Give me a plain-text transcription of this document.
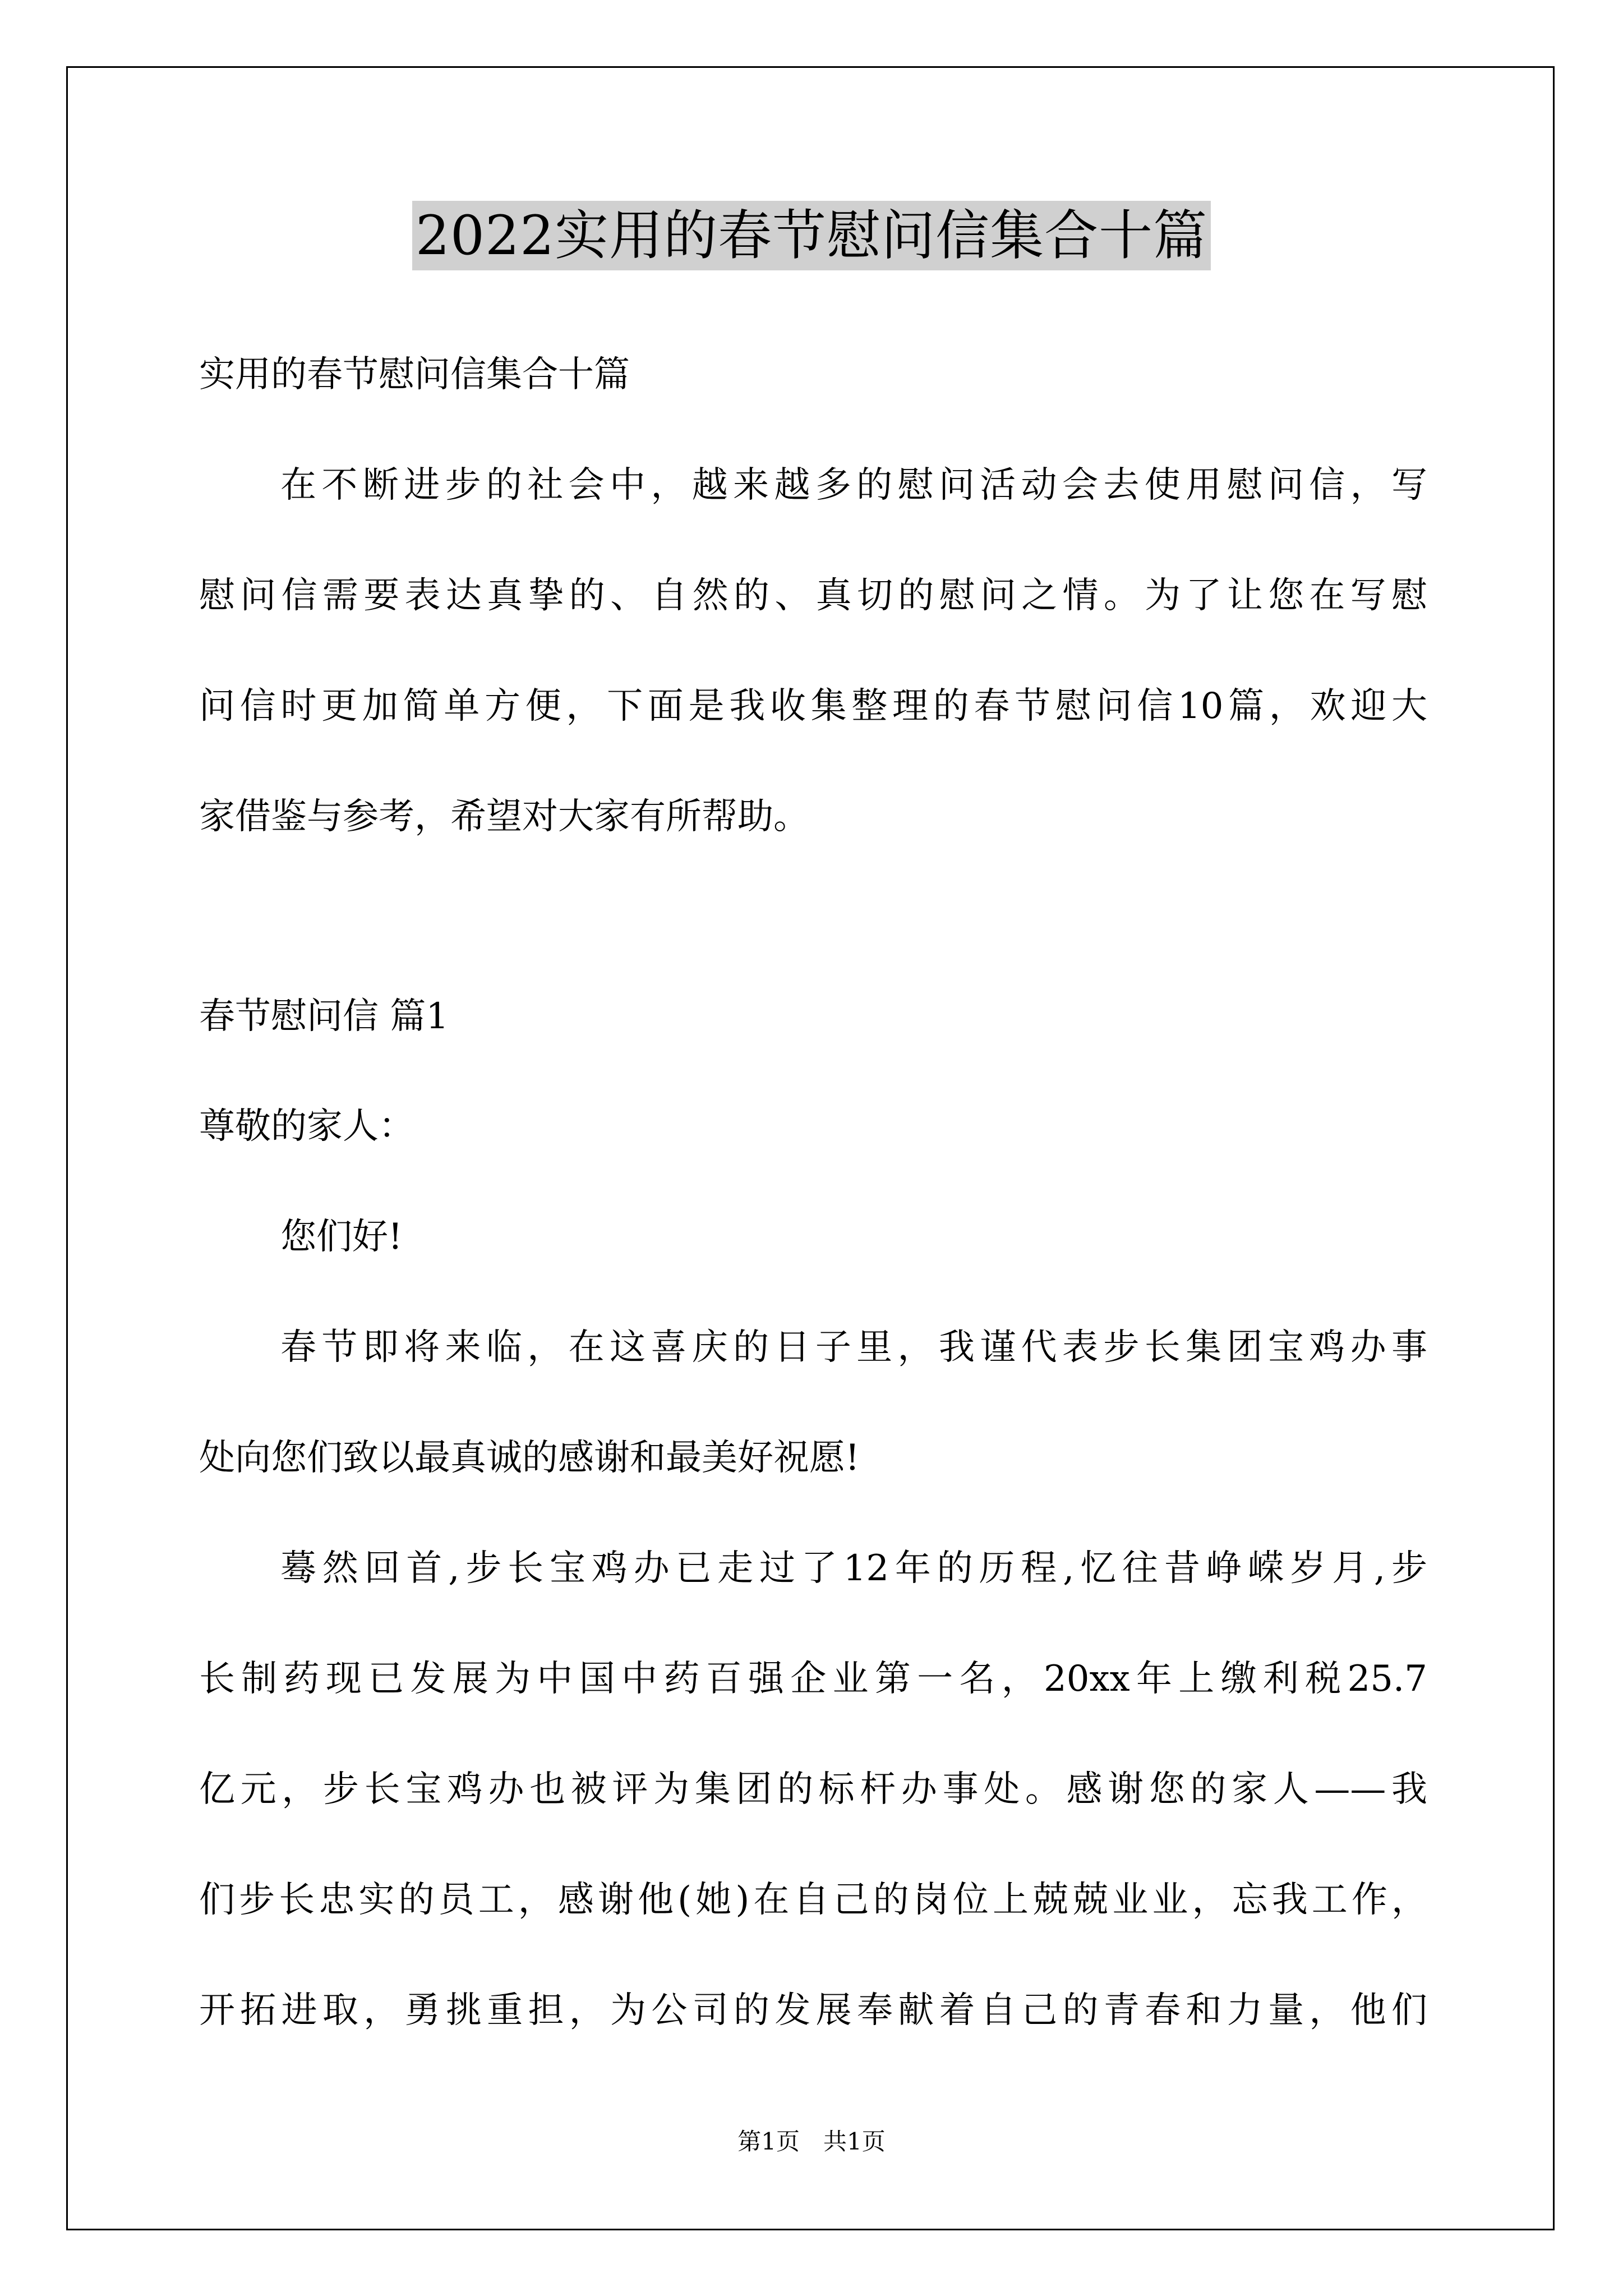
2022实用的春节慰问信集合十篇
实用的春节慰问信集合十篇
在不断进步的社会中，越来越多的慰问活动会去使用慰问信，写
慰问信需要表达真挚的、自然的、真切的慰问之情。为了让您在写慰
问信时更加简单方便，下面是我收集整理的春节慰问信10篇，欢迎大
家借鉴与参考，希望对大家有所帮助。
春节慰问信 篇1
尊敬的家人：
您们好!
春节即将来临，在这喜庆的日子里，我谨代表步长集团宝鸡办事
处向您们致以最真诚的感谢和最美好祝愿!
蓦然回首,步长宝鸡办已走过了12年的历程,忆往昔峥嵘岁月,步
长制药现已发展为中国中药百强企业第一名，20xx年上缴利税25.7
亿元，步长宝鸡办也被评为集团的标杆办事处。感谢您的家人——我
们步长忠实的员工，感谢他(她)在自己的岗位上兢兢业业，忘我工作，
开拓进取，勇挑重担，为公司的发展奉献着自己的青春和力量，他们
第1页　共1页
